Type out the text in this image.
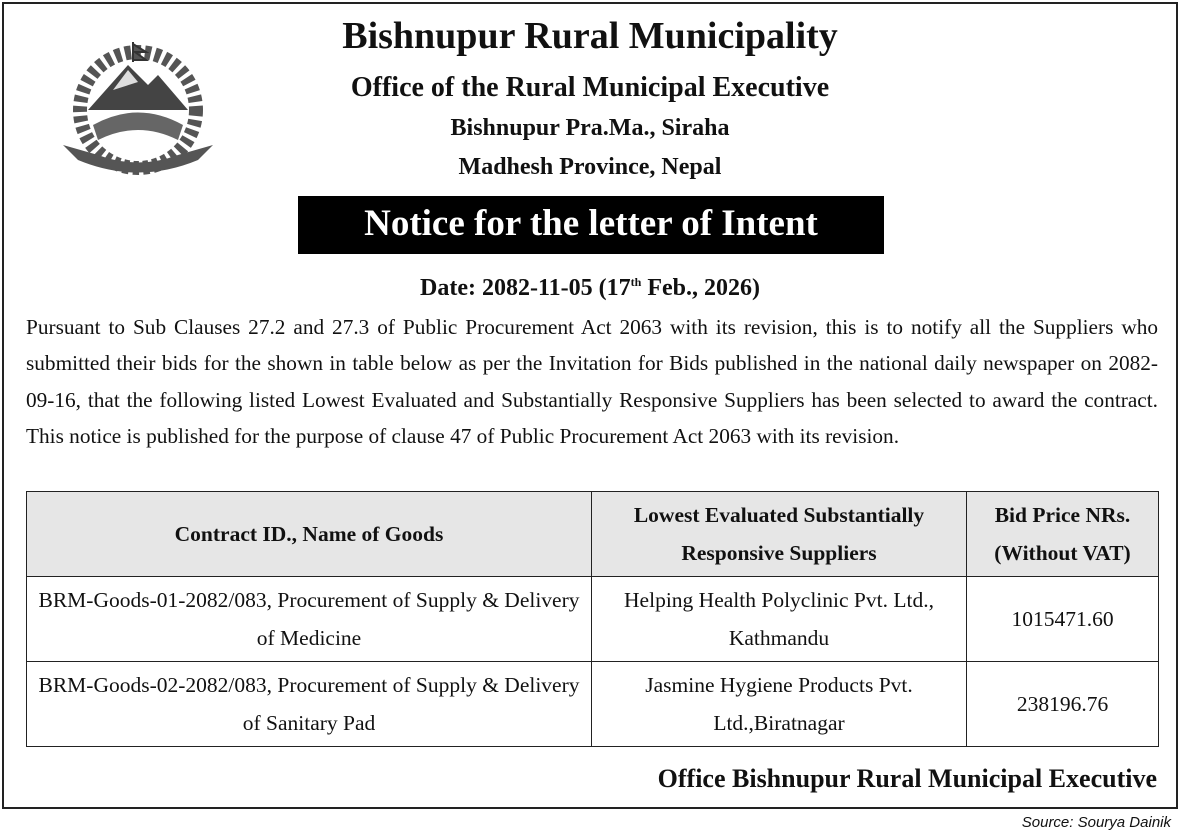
Bishnupur Rural Municipality
Office of the Rural Municipal Executive
Bishnupur Pra.Ma., Siraha
Madhesh Province, Nepal
Notice for the letter of Intent
Date: 2082-11-05 (17th Feb., 2026)
Pursuant to Sub Clauses 27.2 and 27.3 of Public Procurement Act 2063 with its revision, this is to notify all the Suppliers who submitted their bids for the shown in table below as per the Invitation for Bids published in the national daily newspaper on 2082-09-16, that the following listed Lowest Evaluated and Substantially Responsive Suppliers has been selected to award the contract. This notice is published for the purpose of clause 47 of Public Procurement Act 2063 with its revision.
Contract ID., Name of Goods	Lowest Evaluated Substantially Responsive Suppliers	Bid Price NRs. (Without VAT)
BRM-Goods-01-2082/083, Procurement of Supply & Delivery of Medicine	Helping Health Polyclinic Pvt. Ltd., Kathmandu	1015471.60
BRM-Goods-02-2082/083, Procurement of Supply & Delivery of Sanitary Pad	Jasmine Hygiene Products Pvt. Ltd.,Biratnagar	238196.76
Office Bishnupur Rural Municipal Executive
Source: Sourya Dainik
